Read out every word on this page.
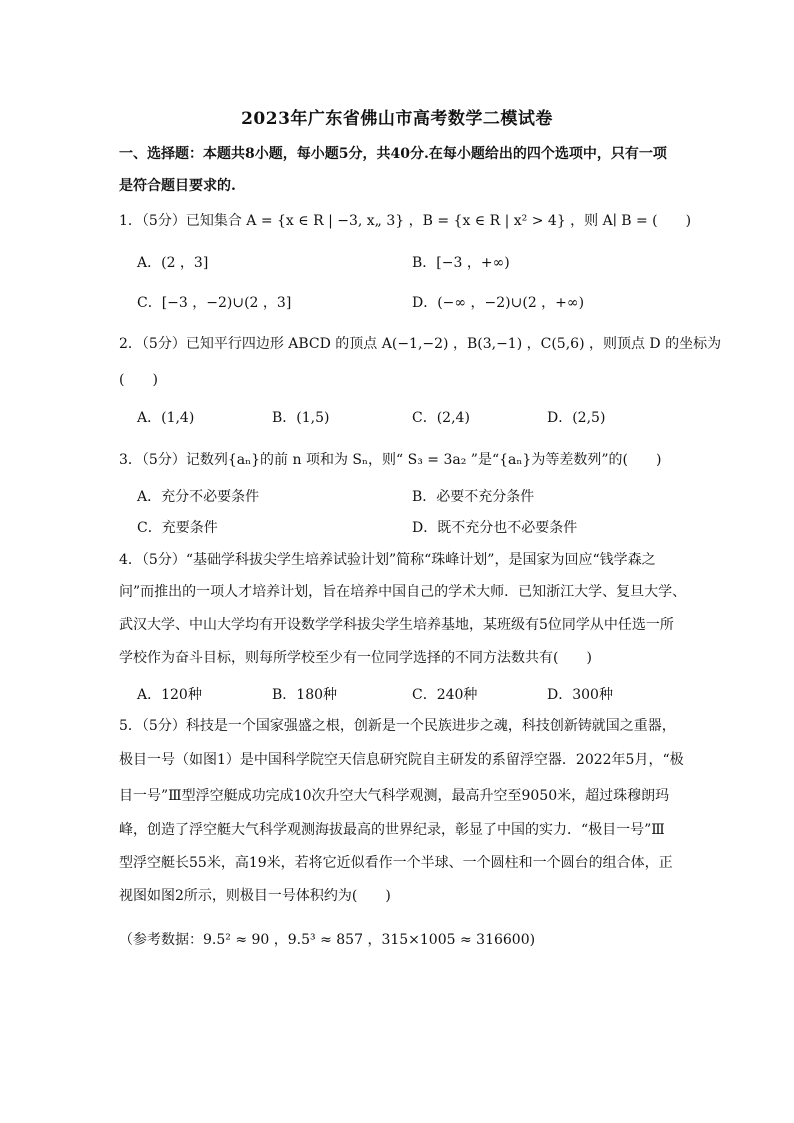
2023年广东省佛山市高考数学二模试卷
一、选择题：本题共8小题，每小题5分，共40分.在每小题给出的四个选项中，只有一项
是符合题目要求的.
1．（5分）已知集合 A = {x ∈ R | −3, x„ 3} ，B = {x ∈ R | x² > 4} ，则 A∣ B = (　　)
A．(2 ，3]	B．[−3 ，+∞)
C．[−3 ，−2)∪(2 ，3]	D．(−∞ ，−2)∪(2 ，+∞)
2．（5分）已知平行四边形 ABCD 的顶点 A(−1,−2) ，B(3,−1) ，C(5,6) ，则顶点 D 的坐标为
(　　)
A．(1,4)	B．(1,5)	C．(2,4)	D．(2,5)
3．（5分）记数列{aₙ}的前 n 项和为 Sₙ，则“ S₃ = 3a₂ ”是“{aₙ}为等差数列”的(　　)
A．充分不必要条件	B．必要不充分条件
C．充要条件	D．既不充分也不必要条件
4．（5分）“基础学科拔尖学生培养试验计划”简称“珠峰计划”，是国家为回应“钱学森之
问”而推出的一项人才培养计划，旨在培养中国自己的学术大师．已知浙江大学、复旦大学、
武汉大学、中山大学均有开设数学学科拔尖学生培养基地，某班级有5位同学从中任选一所
学校作为奋斗目标，则每所学校至少有一位同学选择的不同方法数共有(　　)
A．120种	B．180种	C．240种	D．300种
5．（5分）科技是一个国家强盛之根，创新是一个民族进步之魂，科技创新铸就国之重器，
极目一号（如图1）是中国科学院空天信息研究院自主研发的系留浮空器．2022年5月，“极
目一号”Ⅲ型浮空艇成功完成10次升空大气科学观测，最高升空至9050米，超过珠穆朗玛
峰，创造了浮空艇大气科学观测海拔最高的世界纪录，彰显了中国的实力．“极目一号”Ⅲ
型浮空艇长55米，高19米，若将它近似看作一个半球、一个圆柱和一个圆台的组合体，正
视图如图2所示，则极目一号体积约为(　　)
（参考数据：9.5² ≈ 90 ，9.5³ ≈ 857 ，315×1005 ≈ 316600)
